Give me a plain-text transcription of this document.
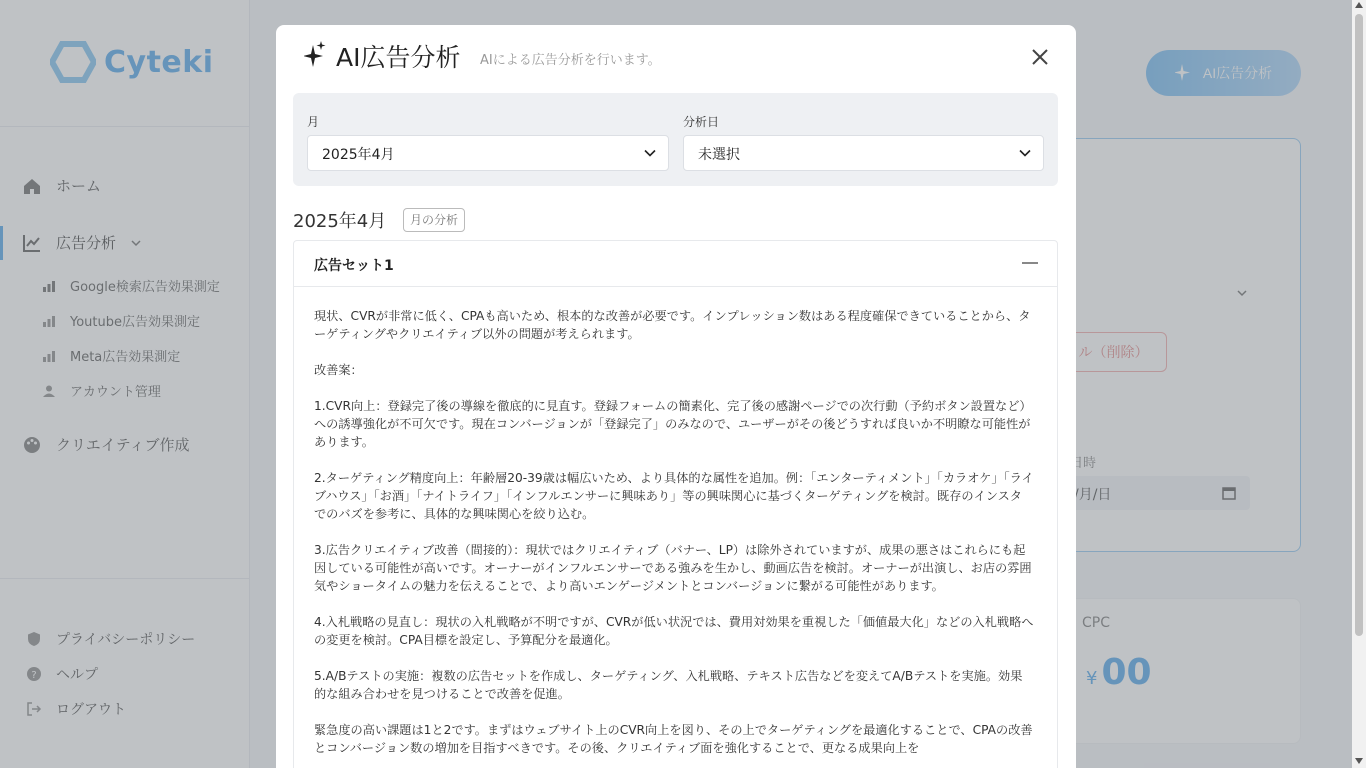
AI広告分析 AIによる広告分析を行います。
月
2025年4月
分析日
未選択
2025年4月	月の分析
広告セット1

現状、CVRが非常に低く、CPAも高いため、根本的な改善が必要です。インプレッション数はある程度確保できていることから、ターゲティングやクリエイティブ以外の問題が考えられます。

改善案：

1.CVR向上：登録完了後の導線を徹底的に見直す。登録フォームの簡素化、完了後の感謝ページでの次行動（予約ボタン設置など）への誘導強化が不可欠です。現在コンバージョンが「登録完了」のみなので、ユーザーがその後どうすれば良いか不明瞭な可能性があります。

2.ターゲティング精度向上：年齢層20-39歳は幅広いため、より具体的な属性を追加。例：「エンターティメント」「カラオケ」「ライブハウス」「お酒」「ナイトライフ」「インフルエンサーに興味あり」等の興味関心に基づくターゲティングを検討。既存のインスタでのバズを参考に、具体的な興味関心を絞り込む。

3.広告クリエイティブ改善（間接的）：現状ではクリエイティブ（バナー、LP）は除外されていますが、成果の悪さはこれらにも起因している可能性が高いです。オーナーがインフルエンサーである強みを生かし、動画広告を検討。オーナーが出演し、お店の雰囲気やショータイムの魅力を伝えることで、より高いエンゲージメントとコンバージョンに繋がる可能性があります。

4.入札戦略の見直し：現状の入札戦略が不明ですが、CVRが低い状況では、費用対効果を重視した「価値最大化」などの入札戦略への変更を検討。CPA目標を設定し、予算配分を最適化。

5.A/Bテストの実施：複数の広告セットを作成し、ターゲティング、入札戦略、テキスト広告などを変えてA/Bテストを実施。効果的な組み合わせを見つけることで改善を促進。

緊急度の高い課題は1と2です。まずはウェブサイト上のCVR向上を図り、その上でターゲティングを最適化することで、CPAの改善とコンバージョン数の増加を目指すべきです。その後、クリエイティブ面を強化することで、更なる成果向上を
